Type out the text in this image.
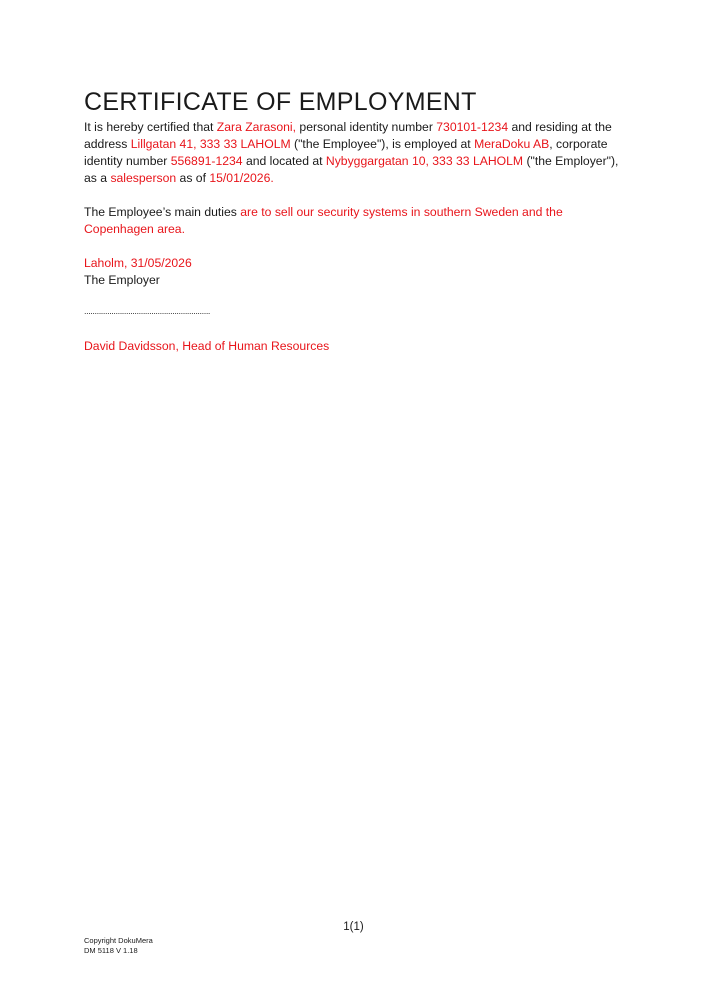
CERTIFICATE OF EMPLOYMENT

It is hereby certified that Zara Zarasoni, personal identity number 730101-1234 and residing at the address Lillgatan 41, 333 33 LAHOLM ("the Employee"), is employed at MeraDoku AB, corporate identity number 556891-1234 and located at Nybyggargatan 10, 333 33 LAHOLM ("the Employer"), as a salesperson as of 15/01/2026.

The Employee’s main duties are to sell our security systems in southern Sweden and the Copenhagen area.

Laholm, 31/05/2026

The Employer

............................................................

David Davidsson, Head of Human Resources

1(1)
Copyright DokuMera
DM 5118 V 1.18
